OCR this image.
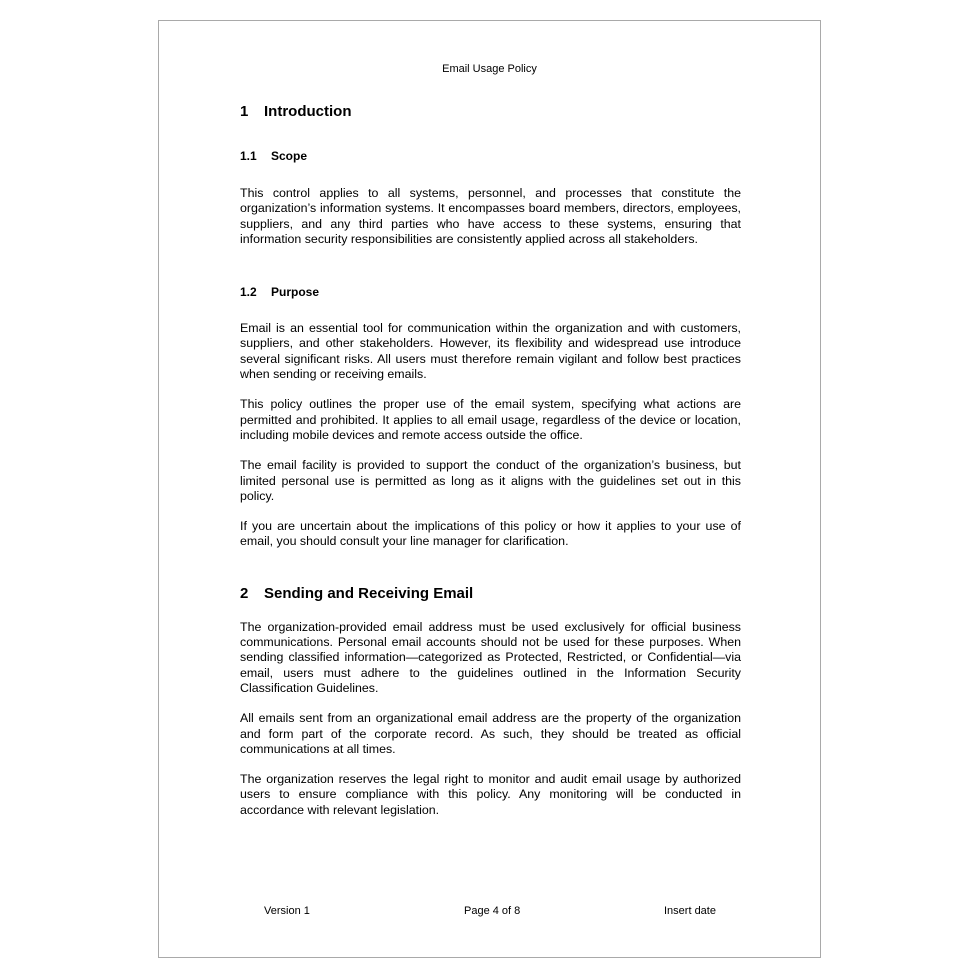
Email Usage Policy
1 Introduction
1.1 Scope

This control applies to all systems, personnel, and processes that constitute the organization’s information systems. It encompasses board members, directors, employees, suppliers, and any third parties who have access to these systems, ensuring that information security responsibilities are consistently applied across all stakeholders.

1.2 Purpose

Email is an essential tool for communication within the organization and with customers, suppliers, and other stakeholders. However, its flexibility and widespread use introduce several significant risks. All users must therefore remain vigilant and follow best practices when sending or receiving emails.

This policy outlines the proper use of the email system, specifying what actions are permitted and prohibited. It applies to all email usage, regardless of the device or location, including mobile devices and remote access outside the office.

The email facility is provided to support the conduct of the organization’s business, but limited personal use is permitted as long as it aligns with the guidelines set out in this policy.

If you are uncertain about the implications of this policy or how it applies to your use of email, you should consult your line manager for clarification.

2 Sending and Receiving Email

The organization-provided email address must be used exclusively for official business communications. Personal email accounts should not be used for these purposes. When sending classified information—categorized as Protected, Restricted, or Confidential—via email, users must adhere to the guidelines outlined in the Information Security Classification Guidelines.

All emails sent from an organizational email address are the property of the organization and form part of the corporate record. As such, they should be treated as official communications at all times.

The organization reserves the legal right to monitor and audit email usage by authorized users to ensure compliance with this policy. Any monitoring will be conducted in accordance with relevant legislation.

Version 1	Page 4 of 8	Insert date
